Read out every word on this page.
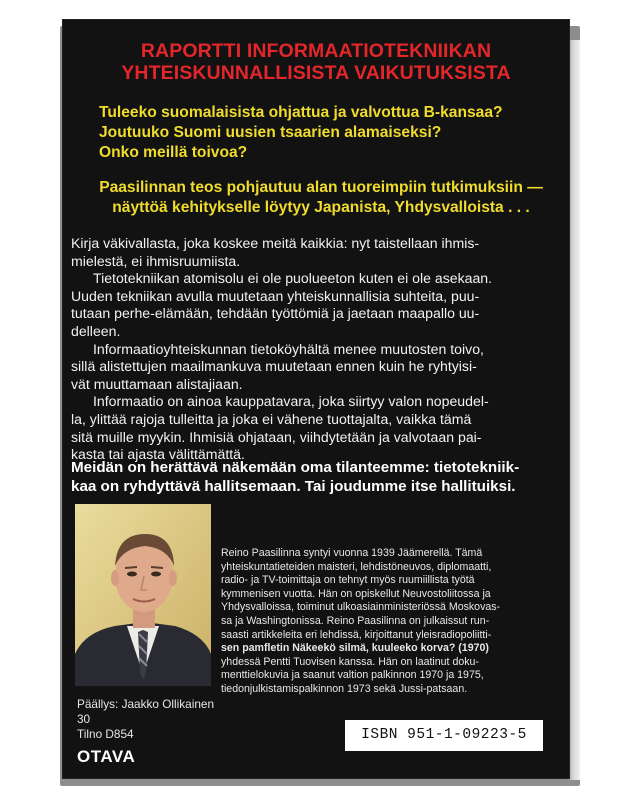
RAPORTTI INFORMAATIOTEKNIIKAN
YHTEISKUNNALLISISTA VAIKUTUKSISTA
Tuleeko suomalaisista ohjattua ja valvottua B-kansaa?
Joutuuko Suomi uusien tsaarien alamaiseksi?
Onko meillä toivoa?
Paasilinnan teos pohjautuu alan tuoreimpiin tutkimuksiin —
näyttöä kehitykselle löytyy Japanista, Yhdysvalloista . . .
Kirja väkivallasta, joka koskee meitä kaikkia: nyt taistellaan ihmis-
mielestä, ei ihmisruumiista.
Tietotekniikan atomisolu ei ole puolueeton kuten ei ole asekaan.
Uuden tekniikan avulla muutetaan yhteiskunnallisia suhteita, puu-
tutaan perhe-elämään, tehdään työttömiä ja jaetaan maapallo uu-
delleen.
Informaatioyhteiskunnan tietoköyhältä menee muutosten toivo,
sillä alistettujen maailmankuva muutetaan ennen kuin he ryhtyisi-
vät muuttamaan alistajiaan.
Informaatio on ainoa kauppatavara, joka siirtyy valon nopeudel-
la, ylittää rajoja tulleitta ja joka ei vähene tuottajalta, vaikka tämä
sitä muille myykin. Ihmisiä ohjataan, viihdytetään ja valvotaan pai-
kasta tai ajasta välittämättä.
Meidän on herättävä näkemään oma tilanteemme: tietotekniik-
kaa on ryhdyttävä hallitsemaan. Tai joudumme itse hallituiksi.
Reino Paasilinna syntyi vuonna 1939 Jäämerellä. Tämä
yhteiskuntatieteiden maisteri, lehdistöneuvos, diplomaatti,
radio- ja TV-toimittaja on tehnyt myös ruumiillista työtä
kymmenisen vuotta. Hän on opiskellut Neuvostoliitossa ja
Yhdysvalloissa, toiminut ulkoasiainministeriössä Moskovas-
sa ja Washingtonissa. Reino Paasilinna on julkaissut run-
saasti artikkeleita eri lehdissä, kirjoittanut yleisradiopoliitti-
sen pamfletin Näkeekö silmä, kuuleeko korva? (1970)
yhdessä Pentti Tuovisen kanssa. Hän on laatinut doku-
menttielokuvia ja saanut valtion palkinnon 1970 ja 1975,
tiedonjulkistamispalkinnon 1973 sekä Jussi-patsaan.
Päällys: Jaakko Ollikainen
30
Tilno D854
OTAVA
ISBN 951-1-09223-5
